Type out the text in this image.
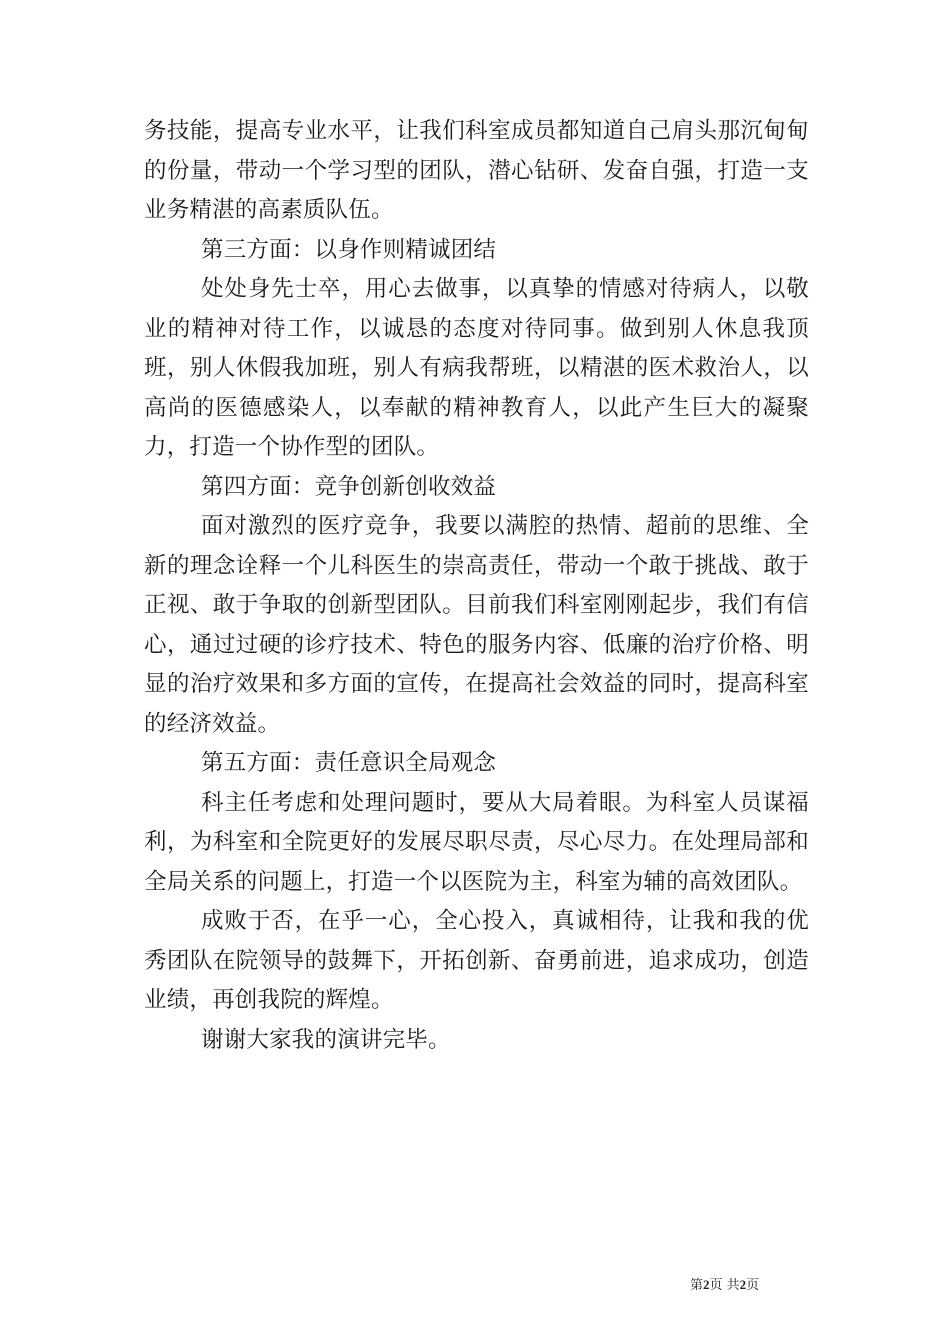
务技能，提高专业水平，让我们科室成员都知道自己肩头那沉甸甸的份量，带动一个学习型的团队，潜心钻研、发奋自强，打造一支业务精湛的高素质队伍。

第三方面：以身作则精诚团结

处处身先士卒，用心去做事，以真挚的情感对待病人，以敬业的精神对待工作，以诚恳的态度对待同事。做到别人休息我顶班，别人休假我加班，别人有病我帮班，以精湛的医术救治人，以高尚的医德感染人，以奉献的精神教育人，以此产生巨大的凝聚力，打造一个协作型的团队。

第四方面：竞争创新创收效益

面对激烈的医疗竞争，我要以满腔的热情、超前的思维、全新的理念诠释一个儿科医生的崇高责任，带动一个敢于挑战、敢于正视、敢于争取的创新型团队。目前我们科室刚刚起步，我们有信心，通过过硬的诊疗技术、特色的服务内容、低廉的治疗价格、明显的治疗效果和多方面的宣传，在提高社会效益的同时，提高科室的经济效益。

第五方面：责任意识全局观念

科主任考虑和处理问题时，要从大局着眼。为科室人员谋福利，为科室和全院更好的发展尽职尽责，尽心尽力。在处理局部和全局关系的问题上，打造一个以医院为主，科室为辅的高效团队。

成败于否，在乎一心，全心投入，真诚相待，让我和我的优秀团队在院领导的鼓舞下，开拓创新、奋勇前进，追求成功，创造业绩，再创我院的辉煌。

谢谢大家我的演讲完毕。

第2页 共2页
